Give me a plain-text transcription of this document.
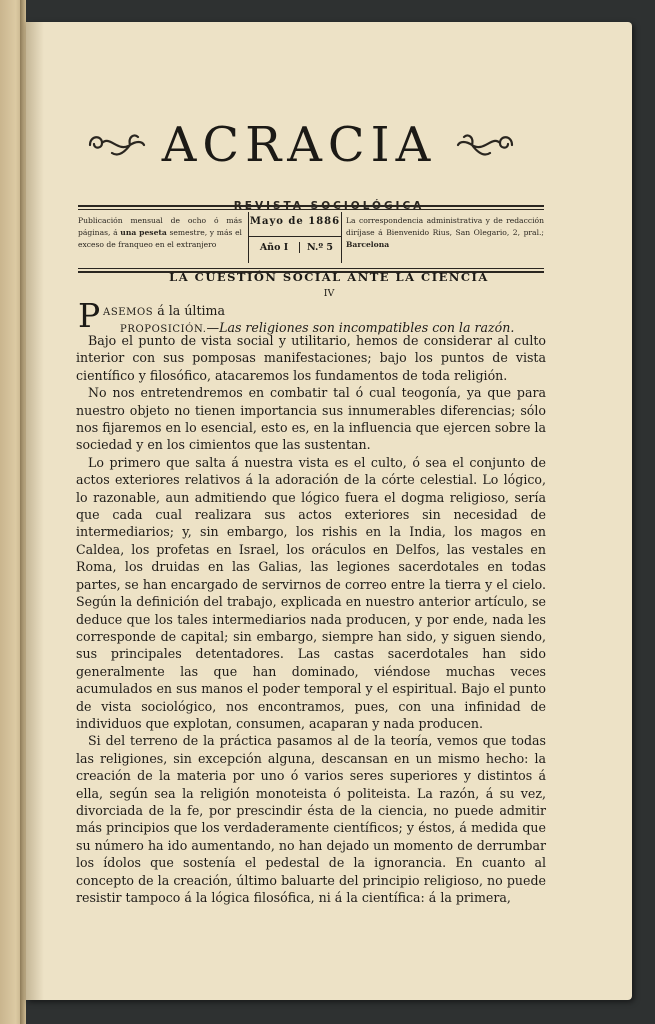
ACRACIA
REVISTA SOCIOLÓGICA
Publicación mensual de ocho ó más páginas, á una peseta semestre, y más el exceso de franqueo en el extranjero
Mayo de 1886
Año I	N.º 5
La correspondencia administrativa y de redacción diríjase á Bienvenido Rius, San Olegario, 2, pral.; Barcelona
LA CUESTIÓN SOCIAL ANTE LA CIENCIA
IV
P ASEMOS á la última
PROPOSICIÓN.—Las religiones son incompatibles con la razón.

Bajo el punto de vista social y utilitario, hemos de considerar al culto interior con sus pomposas manifestaciones; bajo los puntos de vista científico y filosófico, atacaremos los fundamentos de toda religión.

No nos entretendremos en combatir tal ó cual teogonía, ya que para nuestro objeto no tienen importancia sus innumerables diferencias; sólo nos fijaremos en lo esencial, esto es, en la influencia que ejercen sobre la sociedad y en los cimientos que las sustentan.

Lo primero que salta á nuestra vista es el culto, ó sea el conjunto de actos exteriores relativos á la adoración de la córte celestial. Lo lógico, lo razonable, aun admitiendo que lógico fuera el dogma religioso, sería que cada cual realizara sus actos exteriores sin necesidad de intermediarios; y, sin embargo, los rishis en la India, los magos en Caldea, los profetas en Israel, los oráculos en Delfos, las vestales en Roma, los druidas en las Galias, las legiones sacerdotales en todas partes, se han encargado de servirnos de correo entre la tierra y el cielo. Según la definición del trabajo, explicada en nuestro anterior artículo, se deduce que los tales intermediarios nada producen, y por ende, nada les corresponde de capital; sin embargo, siempre han sido, y siguen siendo, sus principales detentadores. Las castas sacerdotales han sido generalmente las que han dominado, viéndose muchas veces acumulados en sus manos el poder temporal y el espiritual. Bajo el punto de vista sociológico, nos encontramos, pues, con una infinidad de individuos que explotan, consumen, acaparan y nada producen.

Si del terreno de la práctica pasamos al de la teoría, vemos que todas las religiones, sin excepción alguna, descansan en un mismo hecho: la creación de la materia por uno ó varios seres superiores y distintos á ella, según sea la religión monoteista ó politeista. La razón, á su vez, divorciada de la fe, por prescindir ésta de la ciencia, no puede admitir más principios que los verdaderamente científicos; y éstos, á medida que su número ha ido aumentando, no han dejado un momento de derrumbar los ídolos que sostenía el pedestal de la ignorancia. En cuanto al concepto de la creación, último baluarte del principio religioso, no puede resistir tampoco á la lógica filosófica, ni á la científica: á la primera,
